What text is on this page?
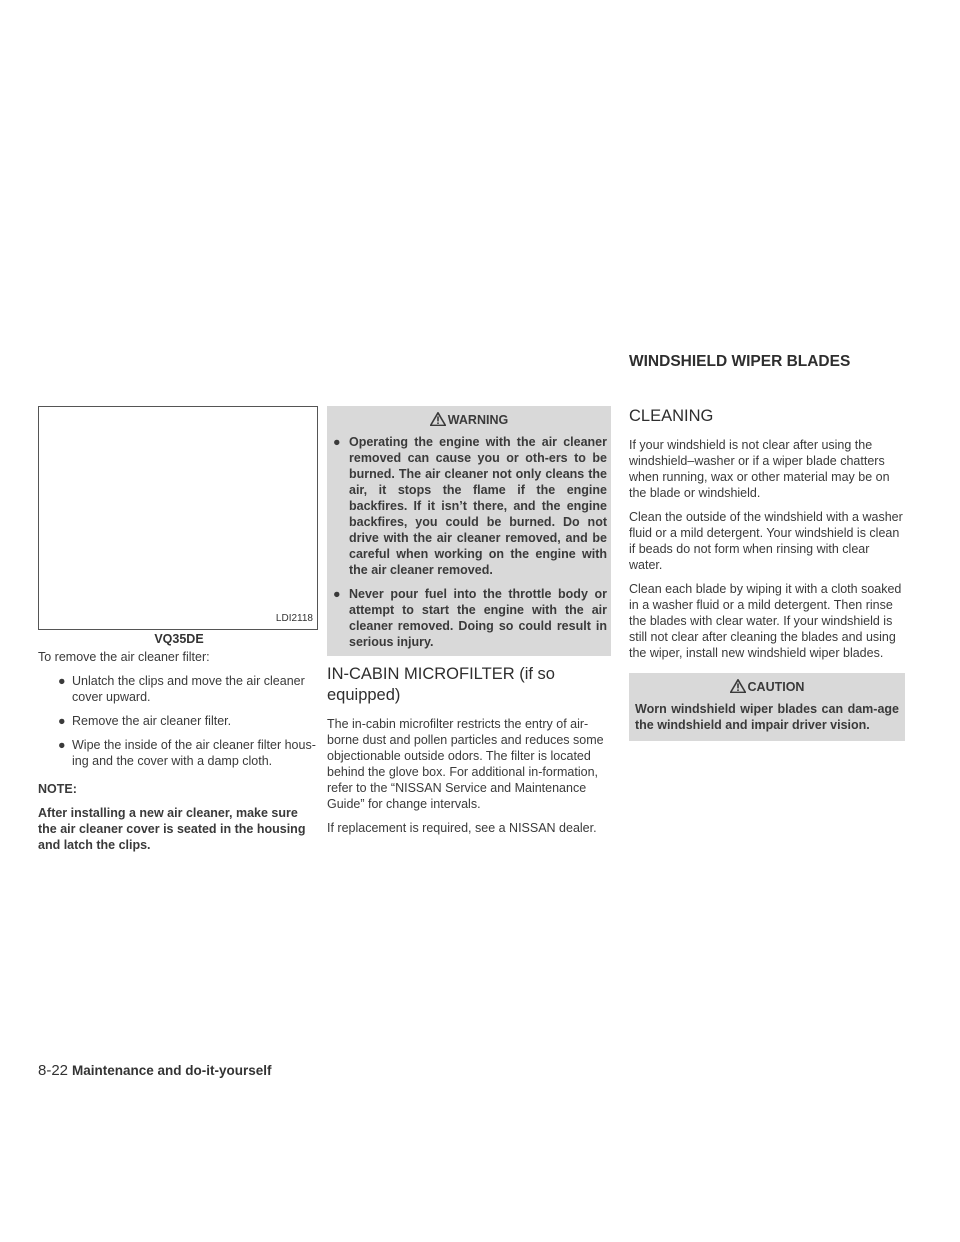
WINDSHIELD WIPER BLADES
LDI2118
VQ35DE

To remove the air cleaner filter:

● Unlatch the clips and move the air cleaner cover upward.
● Remove the air cleaner filter.
● Wipe the inside of the air cleaner filter hous-ing and the cover with a damp cloth.
NOTE:
After installing a new air cleaner, make sure the air cleaner cover is seated in the housing and latch the clips.
WARNING
● Operating the engine with the air cleaner removed can cause you or oth-ers to be burned. The air cleaner not only cleans the air, it stops the flame if the engine backfires. If it isn’t there, and the engine backfires, you could be burned. Do not drive with the air cleaner removed, and be careful when working on the engine with the air cleaner removed.
● Never pour fuel into the throttle body or attempt to start the engine with the air cleaner removed. Doing so could result in serious injury.
IN-CABIN MICROFILTER (if so equipped)

The in-cabin microfilter restricts the entry of air-borne dust and pollen particles and reduces some objectionable outside odors. The filter is located behind the glove box. For additional in-formation, refer to the “NISSAN Service and Maintenance Guide” for change intervals.

If replacement is required, see a NISSAN dealer.

CLEANING

If your windshield is not clear after using the windshield–washer or if a wiper blade chatters when running, wax or other material may be on the blade or windshield.

Clean the outside of the windshield with a washer fluid or a mild detergent. Your windshield is clean if beads do not form when rinsing with clear water.

Clean each blade by wiping it with a cloth soaked in a washer fluid or a mild detergent. Then rinse the blades with clear water. If your windshield is still not clear after cleaning the blades and using the wiper, install new windshield wiper blades.

CAUTION
Worn windshield wiper blades can dam-age the windshield and impair driver vision.
8-22 Maintenance and do-it-yourself
